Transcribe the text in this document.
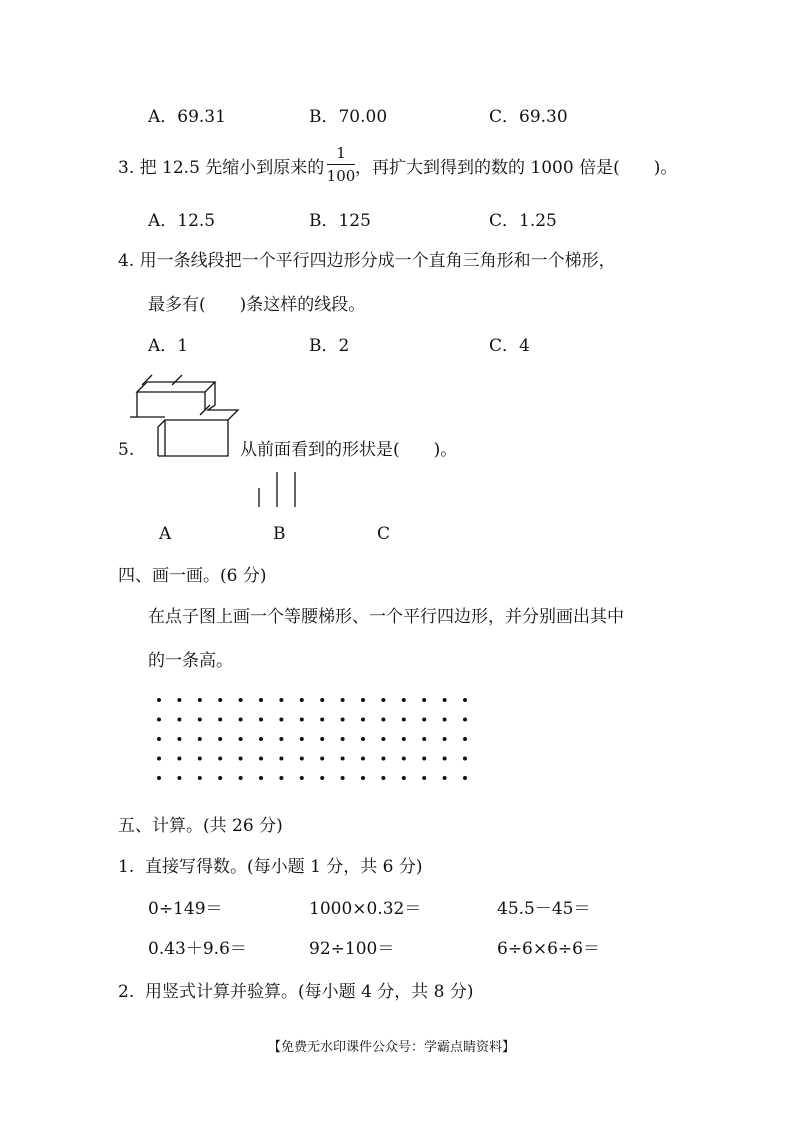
A．69.31	B．70.00	C．69.30
3. 把 12.5 先缩小到原来的
1
100 ，再扩大到得到的数的 1000 倍是(　　)。
A．12.5	B．125	C．1.25
4. 用一条线段把一个平行四边形分成一个直角三角形和一个梯形，
最多有(　　)条这样的线段。
A．1	B．2	C．4
5.	从前面看到的形状是(　　)。
A	B	C
四、画一画。(6 分)
在点子图上画一个等腰梯形、一个平行四边形，并分别画出其中
的一条高。
五、计算。(共 26 分)
1.  直接写得数。(每小题 1 分，共 6 分)
0÷149＝	1000×0.32＝	45.5－45＝
0.43＋9.6＝	92÷100＝	6÷6×6÷6＝
2.  用竖式计算并验算。(每小题 4 分，共 8 分)
【免费无水印课件公众号：学霸点睛资料】
